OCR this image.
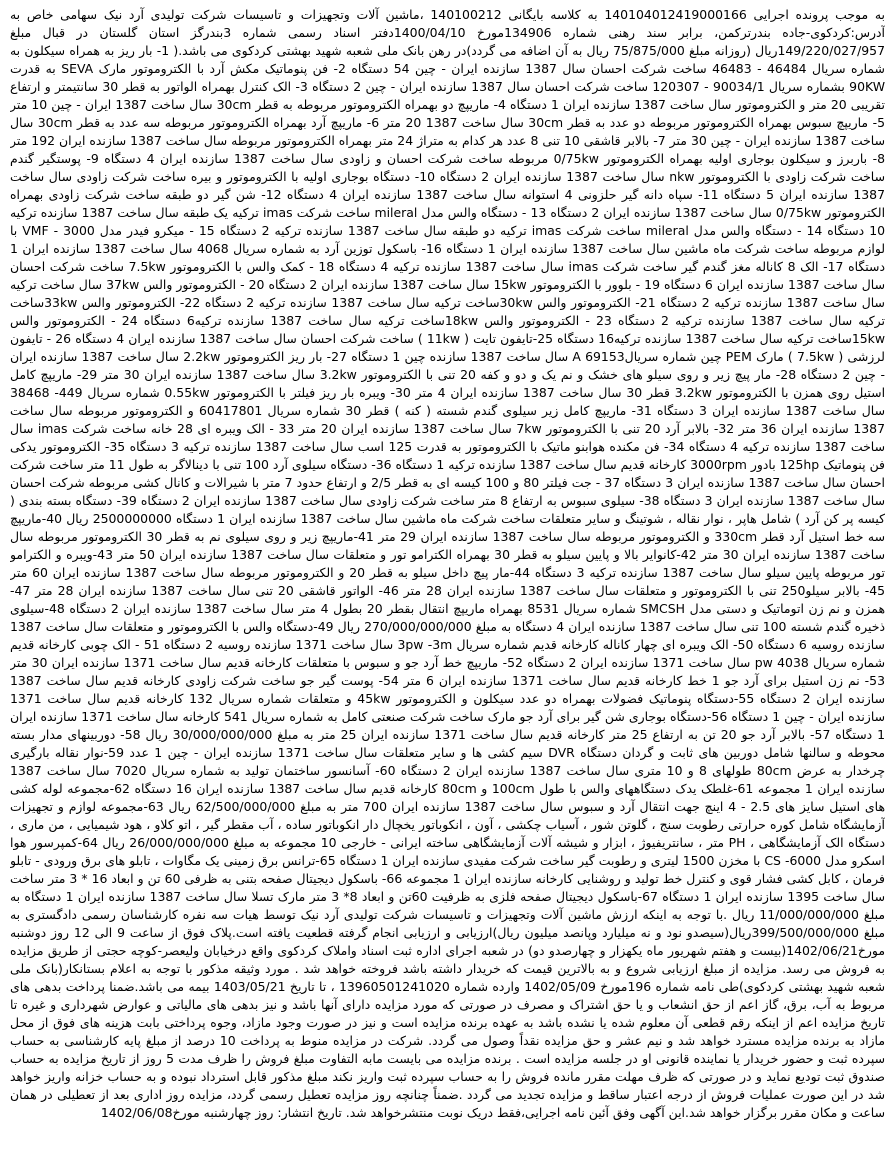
به موجب پرونده اجرایی 140104012419000166 به کلاسه بایگانی 140100212 ،ماشین آلات وتجهیزات و تاسیسات شرکت تولیدی آرد نیک سهامی خاص به آدرس:کردکوی-جاده بندرترکمن، برابر سند رهنی شماره 134906مورخ 1400/04/10دفتر اسناد رسمی شماره 3بندرگز استان گلستان در قبال مبلغ 149/220/027/957ریال (روزانه مبلغ 75/875/000 ریال به آن اضافه می گردد)در رهن بانک ملی شعبه شهید بهشتی کردکوی می باشد.( 1- بار ریز به همراه سیکلون به شماره سریال 46484 - 46483 ساخت شرکت احسان سال 1387 سازنده ایران - چین 54 دستگاه 2- فن پنوماتیک مکش آرد با الکتروموتور مارک SEVA به قدرت 90KW بشماره سریال 90034/1 - 120307 ساخت شرکت احسان سال 1387 سازنده ایران - چین 2 دستگاه 3- الک کنترل بهمراه الواتور به قطر 30 سانتیمتر و ارتفاع تقریبی 20 متر و الکتروموتور سال ساخت 1387 سازنده ایران 1 دستگاه 4- ماریپچ دو بهمراه الکتروموتور مربوطه به قطر 30cm سال ساخت 1387 ایران - چین 10 متر 5- ماریپچ سبوس بهمراه الکتروموتور مربوطه دو عدد به قطر 30cm سال ساخت 1387 20 متر 6- ماریپچ آرد بهمراه الکتروموتور مربوطه سه عدد به قطر 30cm سال ساخت 1387 سازنده ایران - چین 30 متر 7- بالابر قاشقی 10 تنی 8 عدد هر کدام به متراژ 24 متر بهمراه الکتروموتور مربوطه سال ساخت 1387 سازنده ایران 192 متر 8- باربرز و سیکلون بوجاری اولیه بهمراه الکتروموتور 0/75kw مربوطه ساخت شرکت احسان و زاودی سال ساخت 1387 سازنده ایران 4 دستگاه 9- پوستگیر گندم ساخت شرکت زاودی با الکتروموتور nkw سال ساخت 1387 سازنده ایران 2 دستگاه 10- دستگاه بوجاری اولیه با الکتروموتور و بیره ساخت شرکت زاودی سال ساخت 1387 سازنده ایران 5 دستگاه 11- سپاه دانه گیر حلزونی 4 استوانه سال ساخت 1387 سازنده ایران 4 دستگاه 12- شن گیر دو طبقه ساخت شرکت زاودی بهمراه الکتروموتور 0/75kw سال ساخت 1387 سازنده ایران 2 دستگاه 13 - دستگاه والس مدل mileral ساخت شرکت imas ترکیه یک طبقه سال ساخت 1387 سازنده ترکیه 10 دستگاه 14 - دستگاه والس مدل mileral ساخت شرکت imas ترکیه دو طبقه سال ساخت 1387 سازنده ترکیه 2 دستگاه 15 - میکرو فیدر مدل 3000 - VMF با لوازم مربوطه ساخت شرکت ماه ماشین سال ساخت 1387 سازنده ایران 1 دستگاه 16- باسکول توزین آرد به شماره سریال 4068 سال ساخت 1387 سازنده ایران 1 دستگاه 17- الک 8 کاناله مغز گندم گیر ساخت شرکت imas سال ساخت 1387 سازنده ترکیه 4 دستگاه 18 - کمک والس با الکتروموتور 7.5kw ساخت شرکت احسان سال ساخت 1387 سازنده ایران 6 دستگاه 19 - بلوور با الکتروموتور 15kw سال ساخت 1387 سازنده ایران 2 دستگاه 20 - الکتروموتور والس 37kw سال ساخت ترکیه سال ساخت 1387 سازنده ترکیه 2 دستگاه 21- الکتروموتور والس 30kwساخت ترکیه سال ساخت 1387 سازنده ترکیه 2 دستگاه 22- الکتروموتور والس 33kwساخت ترکیه سال ساخت 1387 سازنده ترکیه 2 دستگاه 23 - الکتروموتور والس 18kwساخت ترکیه سال ساخت 1387 سازنده ترکیه6 دستگاه 24 - الکتروموتور والس 15kwساخت ترکیه سال ساخت 1387 سازنده ترکیه16 دستگاه 25-تایفون تایت ( 11kw ) ساخت شرکت احسان سال ساخت 1387 سازنده ایران 4 دستگاه 26 - تایفون لرزشی ( 7.5kw ) مارک PEM چین شماره سریال69153 A سال ساخت 1387 سازنده چین 1 دستگاه 27- بار ریز الکتروموتور 2.2kw سال ساخت 1387 سازنده ایران - چین 2 دستگاه 28- مار پیچ زیر و روی سیلو های خشک و نم یک و دو و کفه 20 تنی با الکتروموتور 3.2kw سال ساخت 1387 سازنده ایران 30 متر 29- ماریپچ کامل استیل روی همزن با الکتروموتور 3.2kw قطر 30 سال ساخت 1387 سازنده ایران 4 متر 30- ویبره بار ریز فیلتر با الکتروموتور 0.55kw شماره سریال 449- 38468 سال ساخت 1387 سازنده ایران 3 دستگاه 31- ماریپچ کامل زیر سیلوی گندم شسته ( کنه ) قطر 30 شماره سریال 60417801 و الکتروموتور مربوطه سال ساخت 1387 سازنده ایران 36 متر 32- بالابر آرد 20 تنی با الکتروموتور 7kw سال ساخت 1387 سازنده ایران 20 متر 33 - الک ویبره ای 28 خانه ساخت شرکت imas سال ساخت 1387 سازنده ترکیه 4 دستگاه 34- فن مکنده هوابنو ماتیک با الکتروموتور به قدرت 125 اسب سال ساخت 1387 سازنده ترکیه 3 دستگاه 35- الکتروموتور یدکی فن پنوماتیک 125hp بادور 3000rpm کارخانه قدیم سال ساخت 1387 سازنده ترکیه 1 دستگاه 36- دستگاه سیلوی آرد 100 تنی با دینالاگر به طول 11 متر ساخت شرکت احسان سال ساخت 1387 سازنده ایران 3 دستگاه 37 - جت فیلتر 80 و 100 کیسه ای به قطر 2/5 و ارتفاع حدود 7 متر با شیرالات و کانال کشی مربوطه شرکت احسان سال ساخت 1387 سازنده ایران 3 دستگاه 38- سیلوی سبوس به ارتفاع 8 متر ساخت شرکت زاودی سال ساخت 1387 سازنده ایران 2 دستگاه 39- دستگاه بسته بندی ( کیسه پر کن آرد ) شامل هاپر ، نوار نقاله ، شوتینگ و سایر متعلقات ساخت شرکت ماه ماشین سال ساخت 1387 سازنده ایران 1 دستگاه 2500000000 ریال 40-ماریپچ سه خط استیل آرد قطر 330cm و الکتروموتور مربوطه سال ساخت 1387 سازنده ایران 29 متر 41-ماریپچ زیر و روی سیلوی نم به قطر 30 الکتروموتور مربوطه سال ساخت 1387 سازنده ایران 30 متر 42-کانوایر بالا و پایین سیلو به قطر 30 بهمراه الکترامو تور و متعلقات سال ساخت 1387 سازنده ایران 50 متر 43-ویبره و الکترامو تور مربوطه پایین سیلو سال ساخت 1387 سازنده ترکیه 3 دستگاه 44-مار پیچ داخل سیلو به قطر 20 و الکتروموتور مربوطه سال ساخت 1387 سازنده ایران 60 متر 45- بالابر سیلو250 تنی با الکتروموتور و متعلقات سال ساخت 1387 سازنده ایران 28 متر 46- الواتور قاشقی 20 تنی سال ساخت 1387 سازنده ایران 28 متر 47-همزن و نم زن اتوماتیک و دستی مدل SMCSH شماره سریال 8531 بهمراه ماریپچ انتقال بقطر 20 بطول 4 متر سال ساخت 1387 سازنده ایران 2 دستگاه 48-سیلوی ذخیره گندم شسته 100 تنی سال ساخت 1387 سازنده ایران 4 دستگاه به مبلغ 270/000/000/000 ریال 49-دستگاه والس با الکتروموتور و متعلقات سال ساخت 1387 سازنده روسیه 6 دستگاه 50- الک ویبره ای چهار کاناله کارخانه قدیم شماره سریال 3pw -3m سال ساخت 1371 سازنده روسیه 2 دستگاه 51 - الک چوبی کارخانه قدیم شماره سریال pw 4038 سال ساخت 1371 سازنده ایران 2 دستگاه 52- ماریپچ خط آرد جو و سبوس با متعلقات کارخانه قدیم سال ساخت 1371 سازنده ایران 30 متر 53- نم زن استیل برای آرد جو 1 خط کارخانه قدیم سال ساخت 1371 سازنده ایران 6 متر 54- پوست گیر جو ساخت شرکت زاودی کارخانه قدیم سال ساخت 1387 سازنده ایران 2 دستگاه 55-دستگاه پنوماتیک فضولات بهمراه دو عدد سیکلون و الکتروموتور 45kw و متعلقات شماره سریال 132 کارخانه قدیم سال ساخت 1371 سازنده ایران - چین 1 دستگاه 56-دستگاه بوجاری شن گیر برای آرد جو مارک ساخت شرکت صنعتی کامل به شماره سریال 541 کارخانه سال ساخت 1371 سازنده ایران 1 دستگاه 57- بالابر آرد جو 20 تن به ارتفاع 25 متر کارخانه قدیم سال ساخت 1371 سازنده ایران 25 متر به مبلغ 30/000/000/000 ریال 58- دوربینهای مدار بسته محوطه و سالنها شامل دوربین های ثابت و گردان دستگاه DVR سیم کشی ها و سایر متعلقات سال ساخت 1371 سازنده ایران - چین 1 عدد 59-نوار نقاله بارگیری چرخدار به عرض 80cm طولهای 8 و 10 متری سال ساخت 1387 سازنده ایران 2 دستگاه 60- آسانسور ساختمان تولید به شماره سریال 7020 سال ساخت 1387 سازنده ایران 1 مجموعه 61-غلطک یدک دستگاههای والس با طول 100cm و 80cm کارخانه قدیم سال ساخت 1387 سازنده ایران 16 دستگاه 62-مجموعه لوله کشی های استیل سایز های 2.5 - 4 اینچ جهت انتقال آرد و سبوس سال ساخت 1387 سازنده ایران 700 متر به مبلغ 62/500/000/000 ریال 63-مجموعه لوازم و تجهیزات آزمایشگاه شامل کوره حرارتی رطوبت سنج ، گلوتن شور ، آسیاب چکشی ، آون ، انکوباتور یخچال دار انکوباتور ساده ، آب مقطر گیر ، اتو کلاو ، هود شیمیایی ، من ماری ، دستگاه الک آزمایشگاهی ، PH متر ، سانتریفیوژ ، ابزار و شیشه آلات آزمایشگاهی ساخته ایرانی - خارجی 10 مجموعه به مبلغ 26/000/000/000 ریال 64-کمپرسور هوا اسکرو مدل CS -6000 با مخزن 1500 لیتری و رطوبت گیر ساخت شرکت مفیدی سازنده ایران 1 دستگاه 65-ترانس برق زمینی یک مگاوات ، تابلو های برق ورودی - تابلو فرمان ، کابل کشی فشار قوی و کنترل خط تولید و روشنایی کارخانه سازنده ایران 1 مجموعه 66- باسکول دیجیتال صفحه بتنی به ظرفی 60 تن و ابعاد 16 * 3 متر ساخت سال ساخت 1395 سازنده ایران 1 دستگاه 67-باسکول دیجیتال صفحه فلزی به ظرفیت 60تن و ابعاد 8* 3 متر مارک تسلا سال ساخت 1387 سازنده ایران 1 دستگاه به مبلغ 11/000/000/000 ریال .با توجه به اینکه ارزش ماشین آلات وتجهیزات و تاسیسات شرکت تولیدی آرد نیک توسط هیات سه نفره کارشناسان رسمی دادگستری به مبلغ 399/500/000/000ریال(سیصدو نود و نه میلیارد وپانصد میلیون ریال)ارزیابی و ارزیابی انجام گرفته قطعیت یافته است.پلاک فوق از ساعت 9 الی 12 روز دوشنبه مورخ1402/06/21(بیست و هفتم شهریور ماه یکهزار و چهارصدو دو) در شعبه اجرای اداره ثبت اسناد واملاک کردکوی واقع درخیابان ولیعصر-کوچه حجتی از طریق مزایده به فروش می رسد. مزایده از مبلغ ارزیابی شروع و به بالاترین قیمت که خریدار داشته باشد فروخته خواهد شد . مورد وثیقه مذکور با توجه به اعلام بستانکار(بانک ملی شعبه شهید بهشتی کردکوی)طی نامه شماره 196مورخ 1402/05/09 وارده شماره 13960501241020 ، تا تاریخ 1403/05/21 بیمه می باشد.ضمنا پرداخت بدهی های مربوط به آب، برق، گاز اعم از حق انشعاب و یا حق اشتراک و مصرف در صورتی که مورد مزایده دارای آنها باشد و نیز بدهی های مالیاتی و عوارض شهرداری و غیره تا تاریخ مزایده اعم از اینکه رقم قطعی آن معلوم شده یا نشده باشد به عهده برنده مزایده است و نیز در صورت وجود مازاد، وجوه پرداختی بابت هزینه های فوق از محل مازاد به برنده مزایده مسترد خواهد شد و نیم عشر و حق مزایده نقداً وصول می گردد. شرکت در مزایده منوط به پرداخت 10 درصد از مبلغ پایه کارشناسی به حساب سپرده ثبت و حضور خریدار یا نماینده قانونی او در جلسه مزایده است . برنده مزایده می بایست مابه التفاوت مبلغ فروش را ظرف مدت 5 روز از تاریخ مزایده به حساب صندوق ثبت تودیع نماید و در صورتی که ظرف مهلت مقرر مانده فروش را به حساب سپرده ثبت واریز نکند مبلغ مذکور قابل استرداد نبوده و به حساب خزانه واریز خواهد شد در این صورت عملیات فروش از درجه اعتبار ساقط و مزایده تجدید می گردد .ضمناً چنانچه روز مزایده تعطیل رسمی گردد، مزایده روز اداری بعد از تعطیلی در همان ساعت و مکان مقرر برگزار خواهد شد.این آگهی وفق آئین نامه اجرایی،فقط دریک نوبت منتشرخواهد شد. تاریخ انتشار: روز چهارشنبه مورخ1402/06/08
